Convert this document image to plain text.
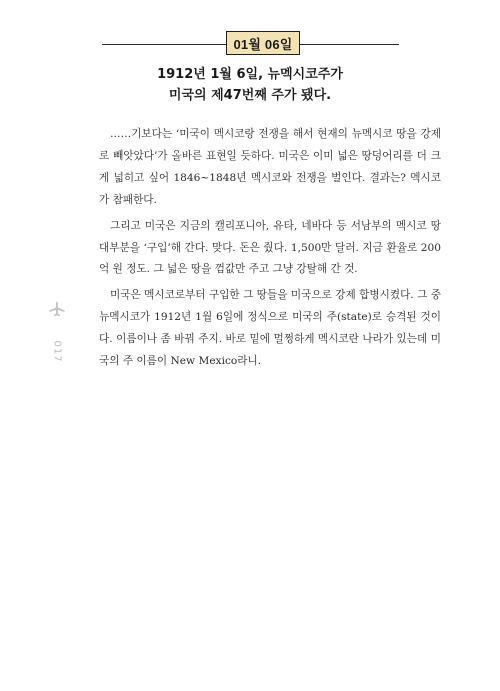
01월 06일
1912년 1월 6일, 뉴멕시코주가
미국의 제47번째 주가 됐다.

……기보다는 ‘미국이 멕시코랑 전쟁을 해서 현재의 뉴멕시코 땅을 강제로 빼앗았다’가 올바른 표현일 듯하다. 미국은 이미 넓은 땅덩어리를 더 크게 넓히고 싶어 1846~1848년 멕시코와 전쟁을 벌인다. 결과는? 멕시코가 참패한다.

그리고 미국은 지금의 캘리포니아, 유타, 네바다 등 서남부의 멕시코 땅 대부분을 ‘구입’해 간다. 맞다. 돈은 줬다. 1,500만 달러. 지금 환율로 200억 원 정도. 그 넓은 땅을 껌값만 주고 그냥 강탈해 간 것.

미국은 멕시코로부터 구입한 그 땅들을 미국으로 강제 합병시켰다. 그 중 뉴멕시코가 1912년 1월 6일에 정식으로 미국의 주(state)로 승격된 것이다. 이름이나 좀 바꿔 주지. 바로 밑에 멀쩡하게 멕시코란 나라가 있는데 미국의 주 이름이 New Mexico라니.

017
